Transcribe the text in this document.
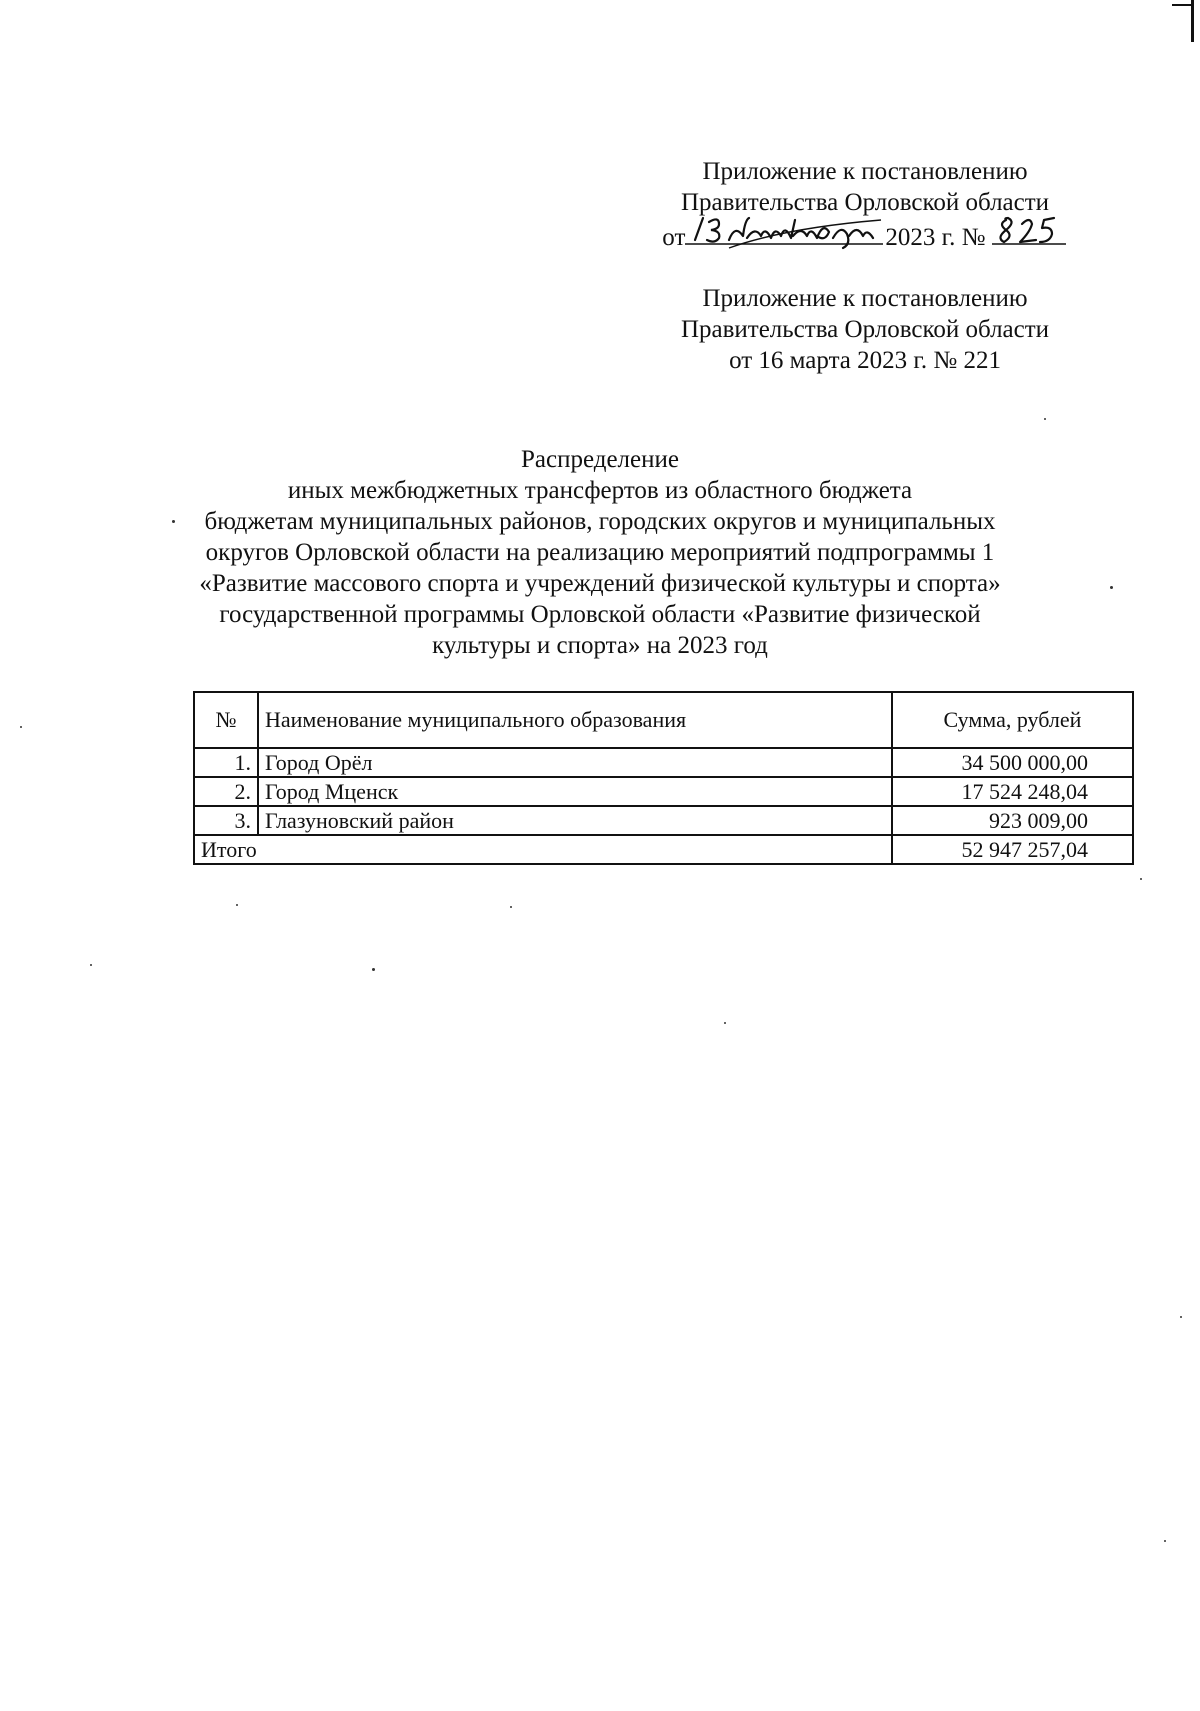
Приложение к постановлению
Правительства Орловской области
от	2023 г. №
Приложение к постановлению
Правительства Орловской области
от 16 марта 2023 г. № 221
Распределение
иных межбюджетных трансфертов из областного бюджета
бюджетам муниципальных районов, городских округов и муниципальных
округов Орловской области на реализацию мероприятий подпрограммы 1
«Развитие массового спорта и учреждений физической культуры и спорта»
государственной программы Орловской области «Развитие физической
культуры и спорта» на 2023 год
№	Наименование муниципального образования	Сумма, рублей
1.	Город Орёл	34 500 000,00
2.	Город Мценск	17 524 248,04
3.	Глазуновский район	923 009,00
Итого		52 947 257,04
